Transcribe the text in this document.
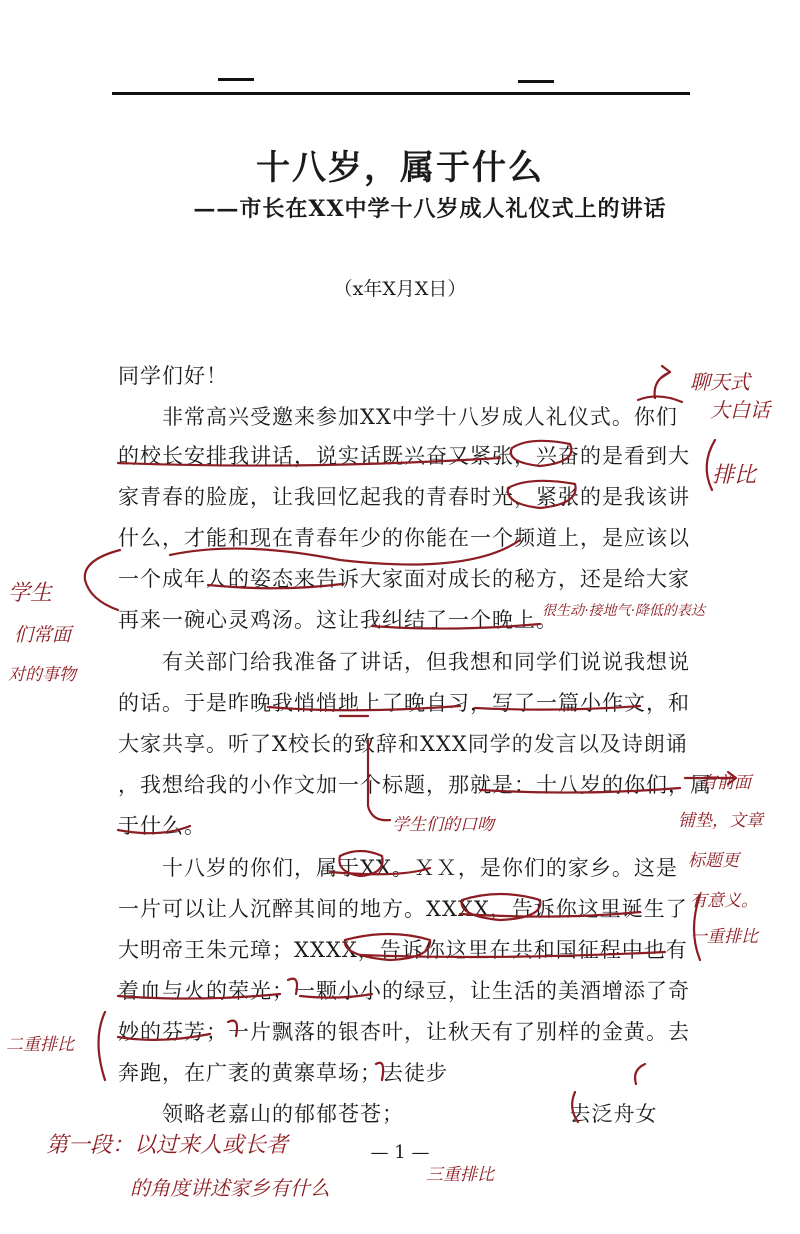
十八岁，属于什么
——市长在XX中学十八岁成人礼仪式上的讲话
（x年X月X日）
同学们好！
　　非常高兴受邀来参加XX中学十八岁成人礼仪式。你们
的校长安排我讲话，说实话既兴奋又紧张，兴奋的是看到大
家青春的脸庞，让我回忆起我的青春时光，紧张的是我该讲
什么，才能和现在青春年少的你能在一个频道上，是应该以
一个成年人的姿态来告诉大家面对成长的秘方，还是给大家
再来一碗心灵鸡汤。这让我纠结了一个晚上。
　　有关部门给我准备了讲话，但我想和同学们说说我想说
的话。于是昨晚我悄悄地上了晚自习，写了一篇小作文，和
大家共享。听了X校长的致辞和XXX同学的发言以及诗朗诵
，我想给我的小作文加一个标题，那就是：十八岁的你们，属
于什么。
　　十八岁的你们，属于XX。ＸＸ，是你们的家乡。这是
一片可以让人沉醉其间的地方。XXXX，告诉你这里诞生了
大明帝王朱元璋；XXXX，告诉你这里在共和国征程中也有
着血与火的荣光；一颗小小的绿豆，让生活的美酒增添了奇
妙的芬芳；一片飘落的银杏叶，让秋天有了别样的金黄。去
奔跑，在广袤的黄寨草场；去徒步
　　领略老嘉山的郁郁苍苍；　　　　　　　　去泛舟女
— 1 —
聊天式
大白话
排比
学生
们常面
对的事物
很生动·接地气·降低的表达
学生们的口吻
有前面
铺垫，文章
标题更
有意义。
一重排比
二重排比
三重排比
第一段：以过来人或长者
的角度讲述家乡有什么
